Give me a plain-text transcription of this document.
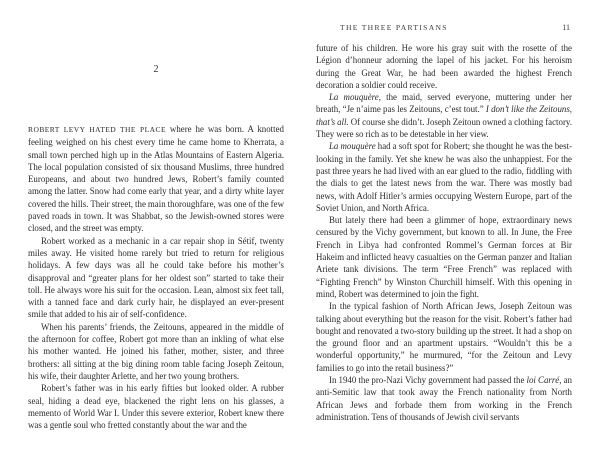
2

ROBERT LEVY HATED THE PLACE where he was born. A knotted feeling weighed on his chest every time he came home to Kherrata, a small town perched high up in the Atlas Mountains of Eastern Algeria. The local population consisted of six thousand Muslims, three hundred Europeans, and about two hundred Jews, Robert’s family counted among the latter. Snow had come early that year, and a dirty white layer covered the hills. Their street, the main thoroughfare, was one of the few paved roads in town. It was Shabbat, so the Jewish-owned stores were closed, and the street was empty.

Robert worked as a mechanic in a car repair shop in Sétif, twenty miles away. He visited home rarely but tried to return for religious holidays. A few days was all he could take before his mother’s disapproval and “greater plans for her oldest son” started to take their toll. He always wore his suit for the occasion. Lean, almost six feet tall, with a tanned face and dark curly hair, he displayed an ever-present smile that added to his air of self-confidence.

When his parents’ friends, the Zeitouns, appeared in the middle of the afternoon for coffee, Robert got more than an inkling of what else his mother wanted. He joined his father, mother, sister, and three brothers: all sitting at the big dining room table facing Joseph Zeitoun, his wife, their daughter Arlette, and her two young brothers.

Robert’s father was in his early fifties but looked older. A rubber seal, hiding a dead eye, blackened the right lens on his glasses, a memento of World War I. Under this severe exterior, Robert knew there was a gentle soul who fretted constantly about the war and the

THE THREE PARTISANS	11

future of his children. He wore his gray suit with the rosette of the Légion d’honneur adorning the lapel of his jacket. For his heroism during the Great War, he had been awarded the highest French decoration a soldier could receive.

La mouquère, the maid, served everyone, muttering under her breath, “Je n’aime pas les Zeitouns, c’est tout.” I don’t like the Zeitouns, that’s all. Of course she didn’t. Joseph Zeitoun owned a clothing factory. They were so rich as to be detestable in her view.

La mouquère had a soft spot for Robert; she thought he was the best-looking in the family. Yet she knew he was also the unhappiest. For the past three years he had lived with an ear glued to the radio, fiddling with the dials to get the latest news from the war. There was mostly bad news, with Adolf Hitler’s armies occupying Western Europe, part of the Soviet Union, and North Africa.

But lately there had been a glimmer of hope, extraordinary news censured by the Vichy government, but known to all. In June, the Free French in Libya had confronted Rommel’s German forces at Bir Hakeim and inflicted heavy casualties on the German panzer and Italian Ariete tank divisions. The term “Free French” was replaced with “Fighting French” by Winston Churchill himself. With this opening in mind, Robert was determined to join the fight.

In the typical fashion of North African Jews, Joseph Zeitoun was talking about everything but the reason for the visit. Robert’s father had bought and renovated a two-story building up the street. It had a shop on the ground floor and an apartment upstairs. “Wouldn’t this be a wonderful opportunity,” he murmured, “for the Zeitoun and Levy families to go into the retail business?”

In 1940 the pro-Nazi Vichy government had passed the loi Carré, an anti-Semitic law that took away the French nationality from North African Jews and forbade them from working in the French administration. Tens of thousands of Jewish civil servants
